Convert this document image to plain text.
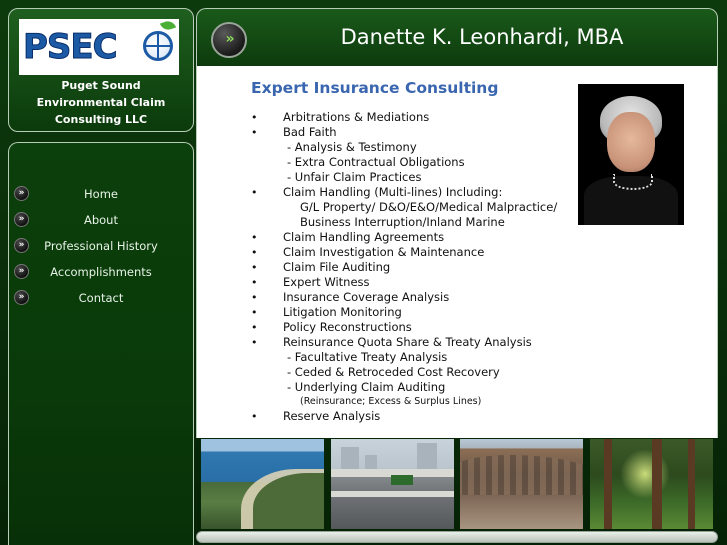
PSEC
Puget Sound
Environmental Claim
Consulting LLC
»	Home
»	About
»	Professional History
»	Accomplishments
»	Contact
»	Danette K. Leonhardi, MBA
Expert Insurance Consulting
• Arbitrations & Mediations
• Bad Faith
- Analysis & Testimony
- Extra Contractual Obligations
- Unfair Claim Practices
• Claim Handling (Multi-lines) Including:
G/L Property/ D&O/E&O/Medical Malpractice/
Business Interruption/Inland Marine
• Claim Handling Agreements
• Claim Investigation & Maintenance
• Claim File Auditing
• Expert Witness
• Insurance Coverage Analysis
• Litigation Monitoring
• Policy Reconstructions
• Reinsurance Quota Share & Treaty Analysis
- Facultative Treaty Analysis
- Ceded & Retroceded Cost Recovery
- Underlying Claim Auditing
(Reinsurance; Excess & Surplus Lines)
• Reserve Analysis
